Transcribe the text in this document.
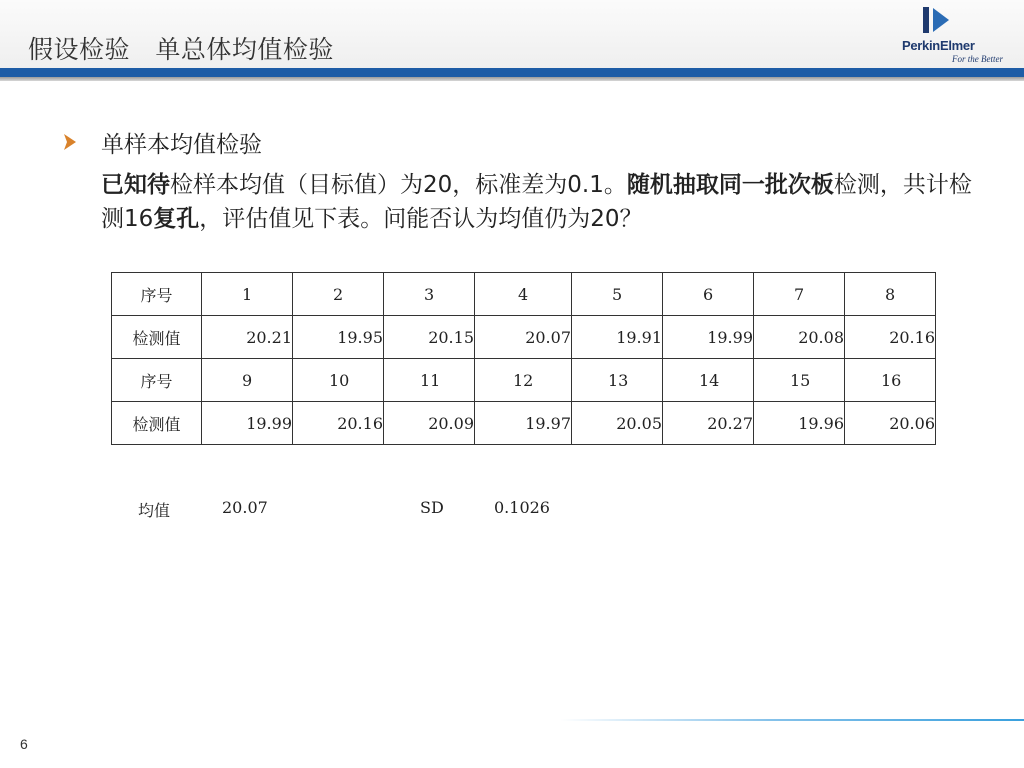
假设检验   单总体均值检验	PerkinElmer
For the Better
单样本均值检验
已知待检样本均值（目标值）为20，标准差为0.1。随机抽取同一批次板检测，共计检测16复孔，评估值见下表。问能否认为均值仍为20？
序号	1	2	3	4	5	6	7	8
检测值	20.21	19.95	20.15	20.07	19.91	19.99	20.08	20.16
序号	9	10	11	12	13	14	15	16
检测值	19.99	20.16	20.09	19.97	20.05	20.27	19.96	20.06
均值	20.07	SD	0.1026
6
